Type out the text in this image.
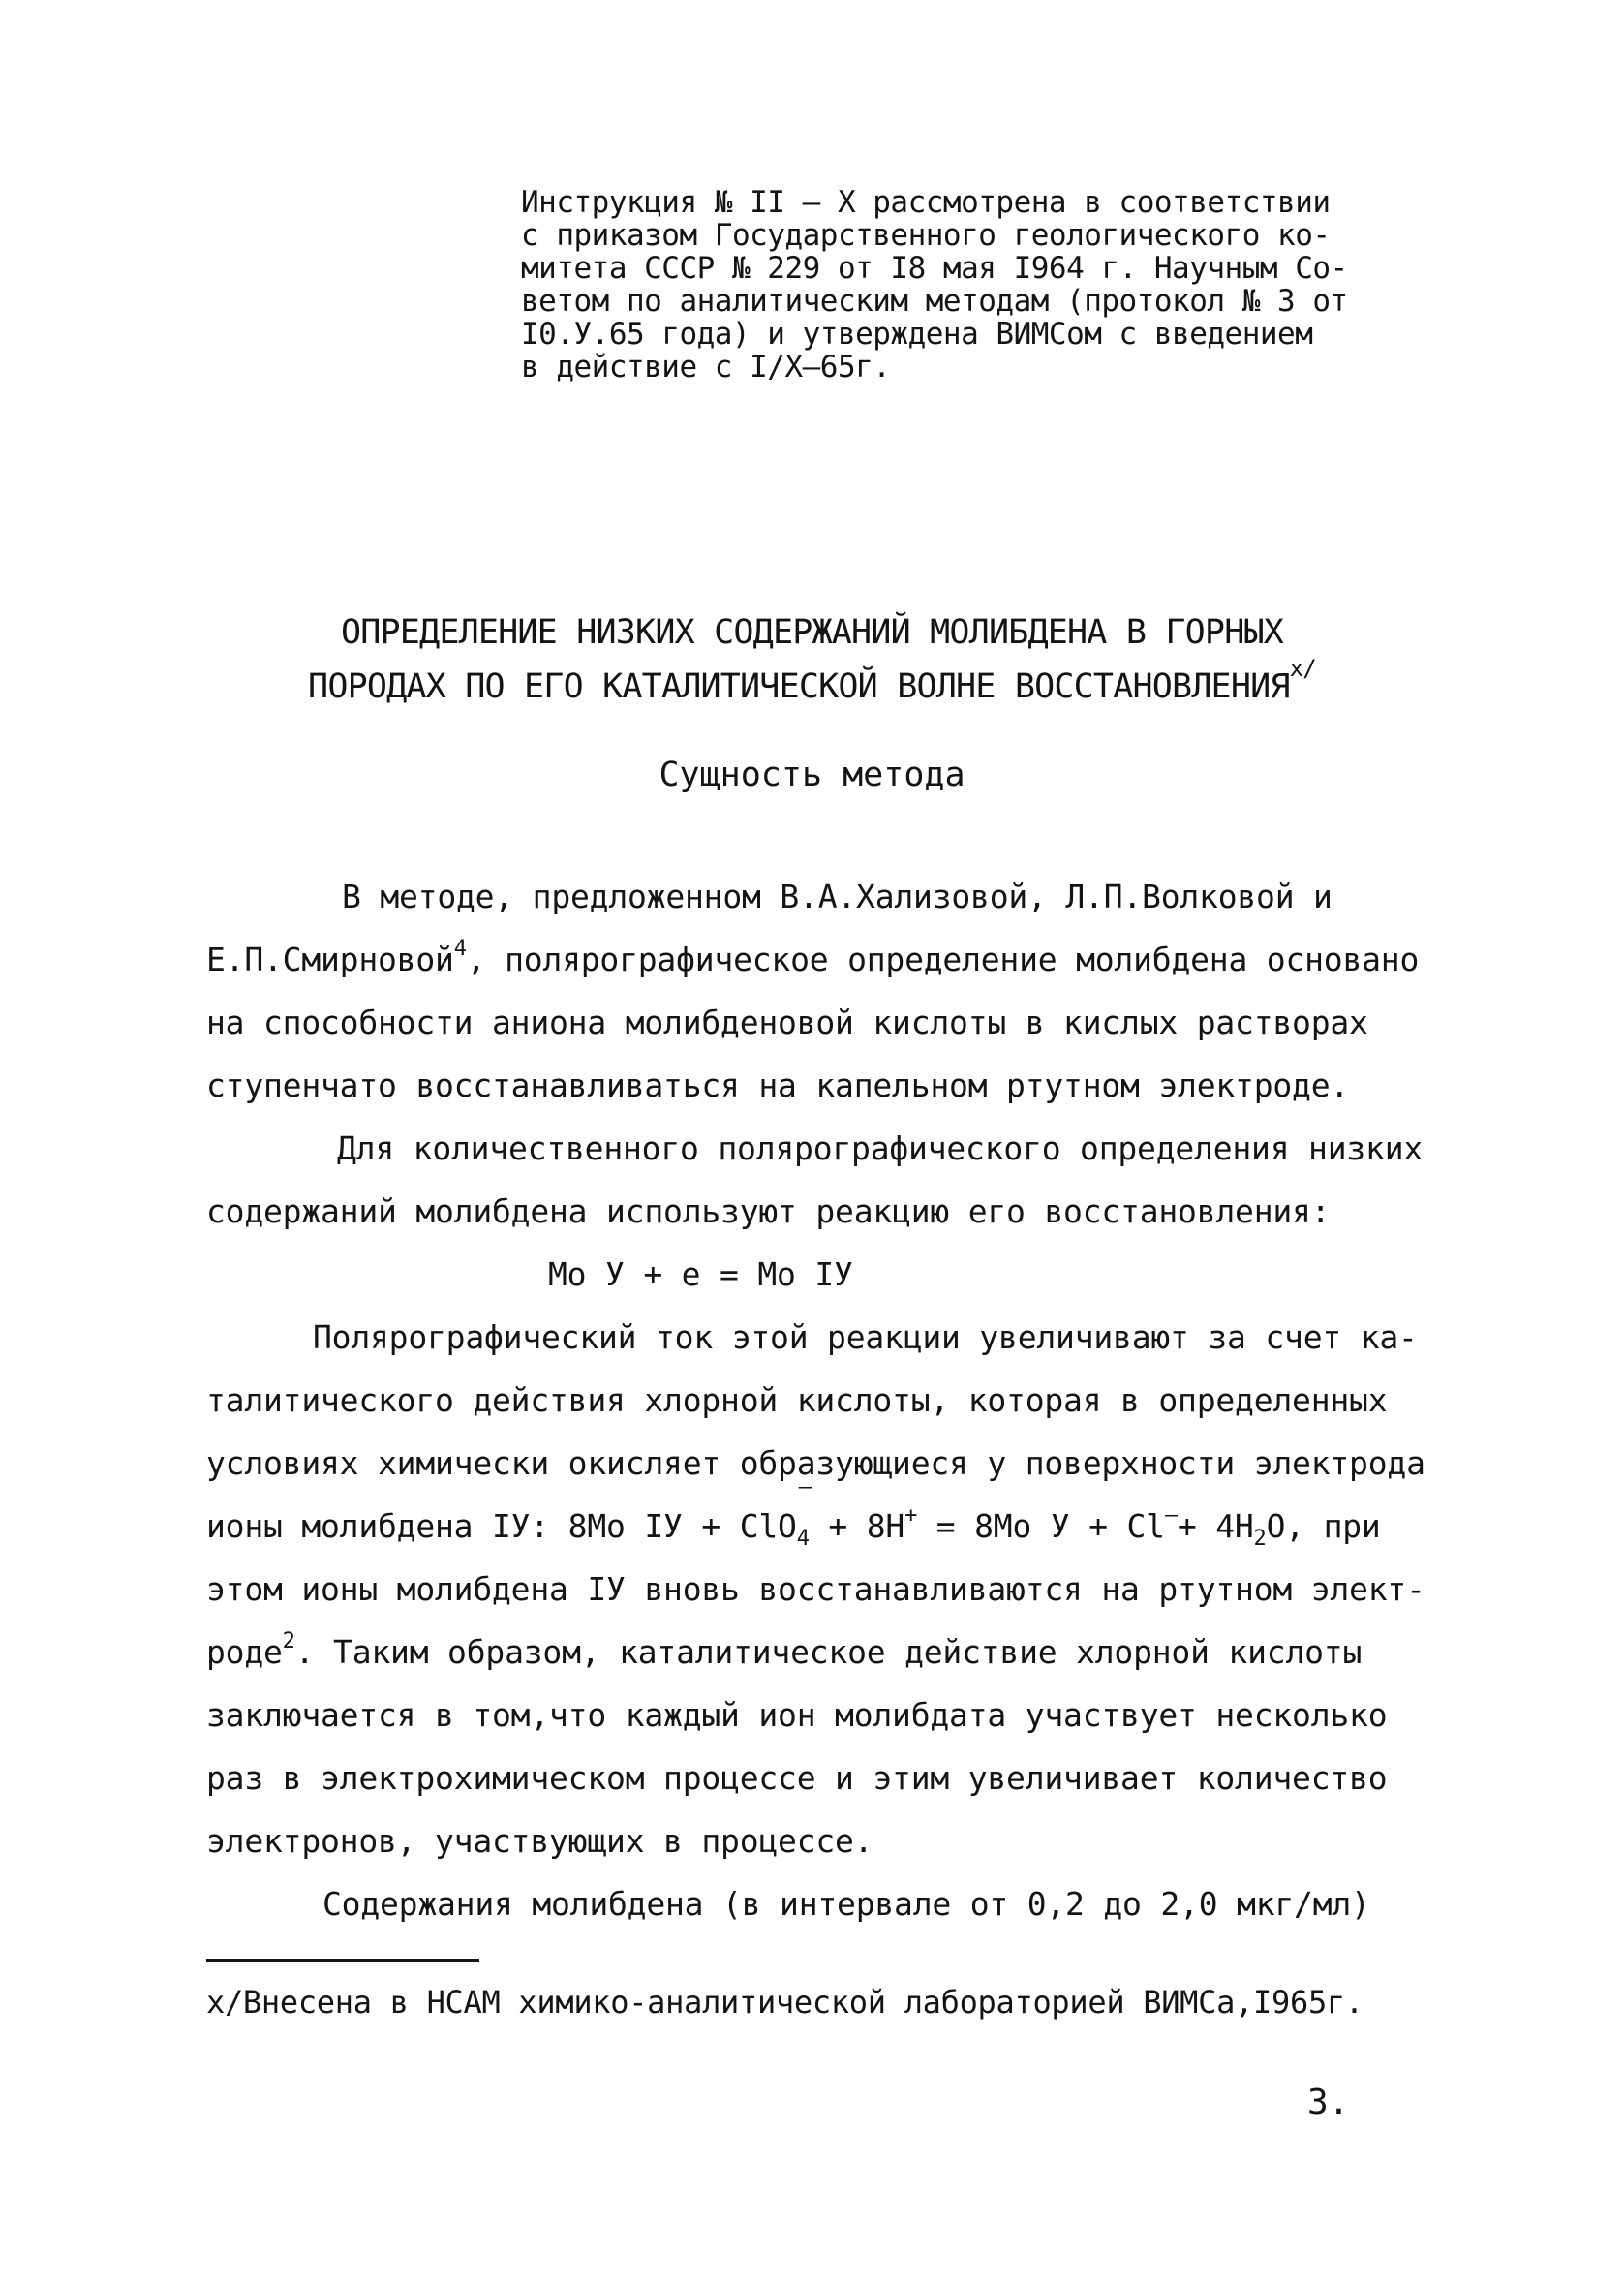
Инструкция № II – Х рассмотрена в соответствии
с приказом Государственного геологического ко-
митета СССР № 229 от I8 мая I964 г. Научным Со-
ветом по аналитическим методам (протокол № 3 от
I0.У.65 года) и утверждена ВИМСом с введением
в действие с I/Х–65г.
ОПРЕДЕЛЕНИЕ НИЗКИХ СОДЕРЖАНИЙ МОЛИБДЕНА В ГОРНЫХ
ПОРОДАХ ПО ЕГО КАТАЛИТИЧЕСКОЙ ВОЛНЕ $ВОССТАНОВЛЕНИЯ^{х/}$
Сущность метода
В методе, предложенном В.А.Хализовой, Л.П.Волковой и
Е.П.Смирновой$^4$, полярографическое определение молибдена основано
на способности аниона молибденовой кислоты в кислых растворах
ступенчато восстанавливаться на капельном ртутном электроде.
Для количественного полярографического определения низких
содержаний молибдена используют реакцию его восстановления:
Мо У + е = Мо IУ
Полярографический ток этой реакции увеличивают за счет ка-
талитического действия хлорной кислоты, которая в определенных
условиях химически окисляет образующиеся у поверхности электрода
ионы молибдена IУ: 8Мо IУ + ClO
–
$_4$ + 8Н+ = 8Мо $У + Cl^-+ 4H_2O$, при
этом ионы молибдена IУ вновь восстанавливаются на ртутном элект-
роде$^2$. Таким образом, каталитическое действие хлорной кислоты
заключается в том,что каждый ион молибдата участвует несколько
раз в электрохимическом процессе и этим увеличивает количество
электронов, участвующих в процессе.
Содержания молибдена (в интервале от 0,2 до 2,0 мкг/мл)
х/Внесена в НСАМ химико-аналитической лабораторией ВИМСа,I965г.
3.
